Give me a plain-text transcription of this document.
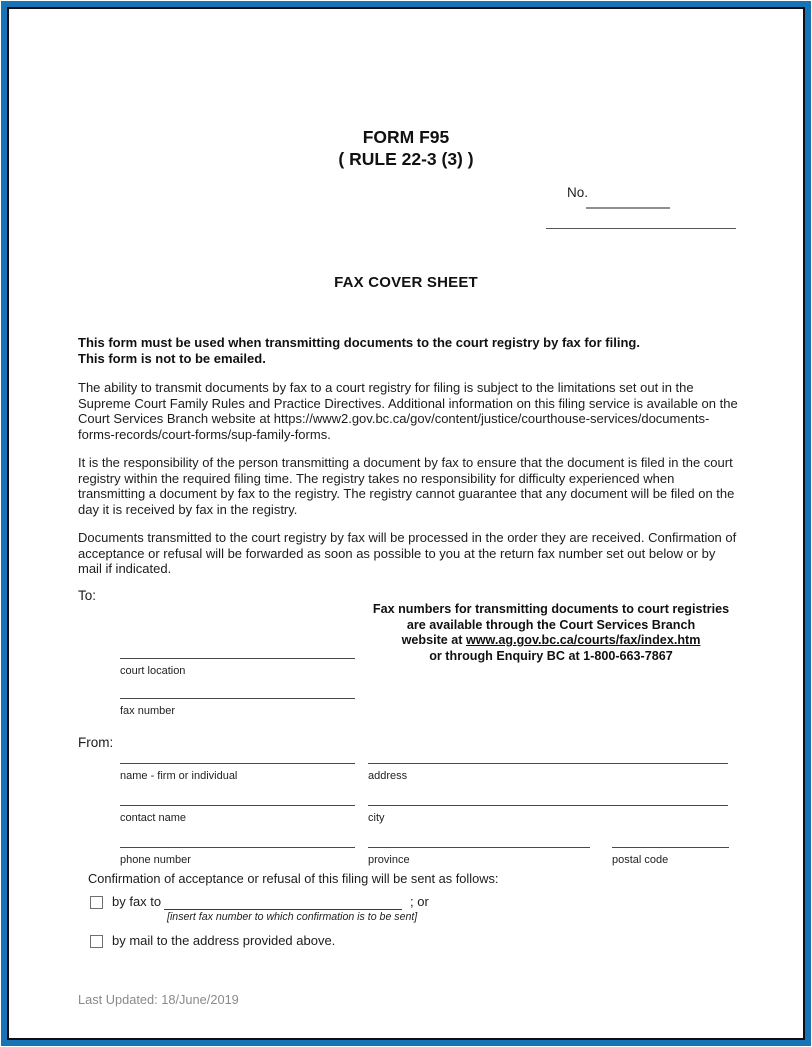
FORM F95
( RULE 22-3 (3) )
No.
FAX COVER SHEET
This form must be used when transmitting documents to the court registry by fax for filing.
This form is not to be emailed.
The ability to transmit documents by fax to a court registry for filing is subject to the limitations set out in the Supreme Court Family Rules and Practice Directives. Additional information on this filing service is available on the Court Services Branch website at https://www2.gov.bc.ca/gov/content/justice/courthouse-services/documents-forms-records/court-forms/sup-family-forms.
It is the responsibility of the person transmitting a document by fax to ensure that the document is filed in the court registry within the required filing time. The registry takes no responsibility for difficulty experienced when transmitting a document by fax to the registry. The registry cannot guarantee that any document will be filed on the day it is received by fax in the registry.
Documents transmitted to the court registry by fax will be processed in the order they are received. Confirmation of acceptance or refusal will be forwarded as soon as possible to you at the return fax number set out below or by mail if indicated.
To:
Fax numbers for transmitting documents to court registries
are available through the Court Services Branch
website at www.ag.gov.bc.ca/courts/fax/index.htm
or through Enquiry BC at 1-800-663-7867
court location
fax number
From:
name - firm or individual	address
contact name	city
phone number	province	postal code
Confirmation of acceptance or refusal of this filing will be sent as follows:
by fax to	; or
[insert fax number to which confirmation is to be sent]
by mail to the address provided above.
Last Updated: 18/June/2019
